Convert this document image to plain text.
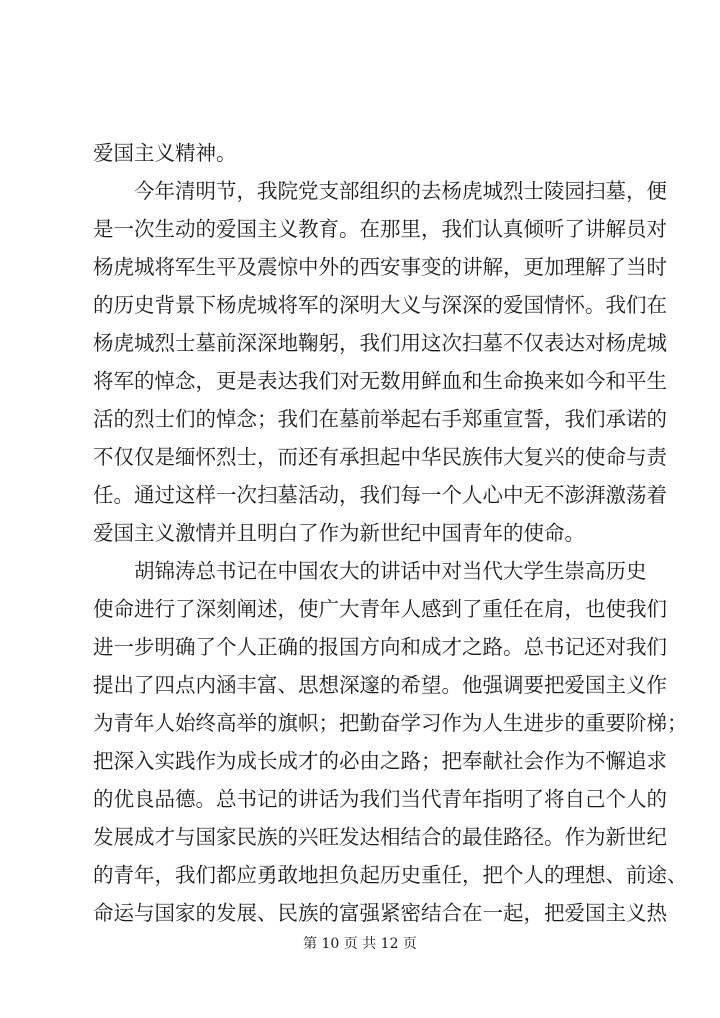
爱国主义精神。
今年清明节，我院党支部组织的去杨虎城烈士陵园扫墓，便
是一次生动的爱国主义教育。在那里，我们认真倾听了讲解员对
杨虎城将军生平及震惊中外的西安事变的讲解，更加理解了当时
的历史背景下杨虎城将军的深明大义与深深的爱国情怀。我们在
杨虎城烈士墓前深深地鞠躬，我们用这次扫墓不仅表达对杨虎城
将军的悼念，更是表达我们对无数用鲜血和生命换来如今和平生
活的烈士们的悼念；我们在墓前举起右手郑重宣誓，我们承诺的
不仅仅是缅怀烈士，而还有承担起中华民族伟大复兴的使命与责
任。通过这样一次扫墓活动，我们每一个人心中无不澎湃激荡着
爱国主义激情并且明白了作为新世纪中国青年的使命。
胡锦涛总书记在中国农大的讲话中对当代大学生崇高历史
使命进行了深刻阐述，使广大青年人感到了重任在肩，也使我们
进一步明确了个人正确的报国方向和成才之路。总书记还对我们
提出了四点内涵丰富、思想深邃的希望。他强调要把爱国主义作
为青年人始终高举的旗帜；把勤奋学习作为人生进步的重要阶梯；
把深入实践作为成长成才的必由之路；把奉献社会作为不懈追求
的优良品德。总书记的讲话为我们当代青年指明了将自己个人的
发展成才与国家民族的兴旺发达相结合的最佳路径。作为新世纪
的青年，我们都应勇敢地担负起历史重任，把个人的理想、前途、
命运与国家的发展、民族的富强紧密结合在一起，把爱国主义热
第 10 页 共 12 页
